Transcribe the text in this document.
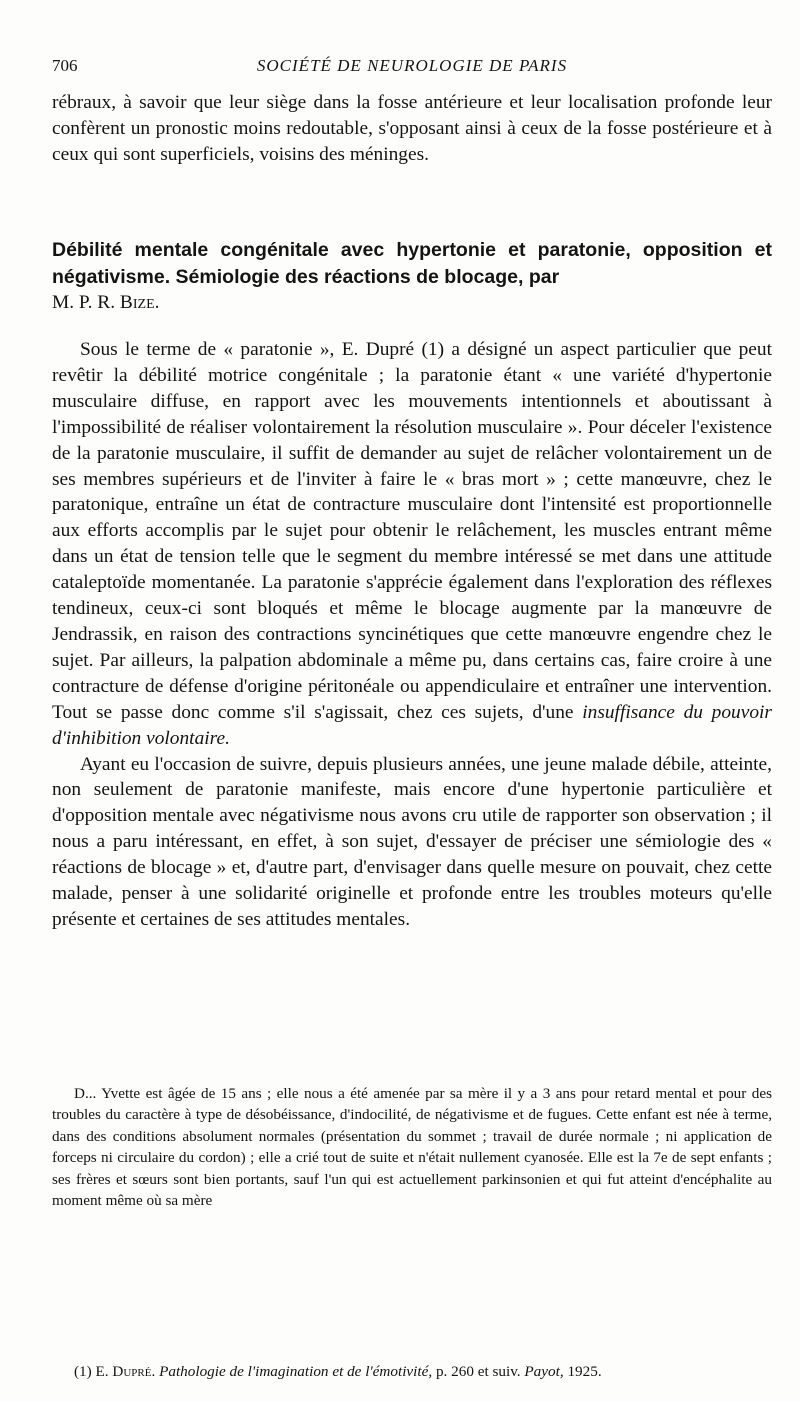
706	SOCIÉTÉ DE NEUROLOGIE DE PARIS

rébraux, à savoir que leur siège dans la fosse antérieure et leur localisation profonde leur confèrent un pronostic moins redoutable, s'opposant ainsi à ceux de la fosse postérieure et à ceux qui sont superficiels, voisins des méninges.

Débilité mentale congénitale avec hypertonie et paratonie, opposition et négativisme. Sémiologie des réactions de blocage, par

M. P. R. Bize.

Sous le terme de « paratonie », E. Dupré (1) a désigné un aspect particulier que peut revêtir la débilité motrice congénitale ; la paratonie étant « une variété d'hypertonie musculaire diffuse, en rapport avec les mouvements intentionnels et aboutissant à l'impossibilité de réaliser volontairement la résolution musculaire ». Pour déceler l'existence de la paratonie musculaire, il suffit de demander au sujet de relâcher volontairement un de ses membres supérieurs et de l'inviter à faire le « bras mort » ; cette manœuvre, chez le paratonique, entraîne un état de contracture musculaire dont l'intensité est proportionnelle aux efforts accomplis par le sujet pour obtenir le relâchement, les muscles entrant même dans un état de tension telle que le segment du membre intéressé se met dans une attitude cataleptoïde momentanée. La paratonie s'apprécie également dans l'exploration des réflexes tendineux, ceux-ci sont bloqués et même le blocage augmente par la manœuvre de Jendrassik, en raison des contractions syncinétiques que cette manœuvre engendre chez le sujet. Par ailleurs, la palpation abdominale a même pu, dans certains cas, faire croire à une contracture de défense d'origine péritonéale ou appendiculaire et entraîner une intervention. Tout se passe donc comme s'il s'agissait, chez ces sujets, d'une insuffisance du pouvoir d'inhibition volontaire.

Ayant eu l'occasion de suivre, depuis plusieurs années, une jeune malade débile, atteinte, non seulement de paratonie manifeste, mais encore d'une hypertonie particulière et d'opposition mentale avec négativisme nous avons cru utile de rapporter son observation ; il nous a paru intéressant, en effet, à son sujet, d'essayer de préciser une sémiologie des « réactions de blocage » et, d'autre part, d'envisager dans quelle mesure on pouvait, chez cette malade, penser à une solidarité originelle et profonde entre les troubles moteurs qu'elle présente et certaines de ses attitudes mentales.

D... Yvette est âgée de 15 ans ; elle nous a été amenée par sa mère il y a 3 ans pour retard mental et pour des troubles du caractère à type de désobéissance, d'indocilité, de négativisme et de fugues. Cette enfant est née à terme, dans des conditions absolument normales (présentation du sommet ; travail de durée normale ; ni application de forceps ni circulaire du cordon) ; elle a crié tout de suite et n'était nullement cyanosée. Elle est la 7e de sept enfants ; ses frères et sœurs sont bien portants, sauf l'un qui est actuellement parkinsonien et qui fut atteint d'encéphalite au moment même où sa mère

(1) E. Dupré. Pathologie de l'imagination et de l'émotivité, p. 260 et suiv. Payot, 1925.
